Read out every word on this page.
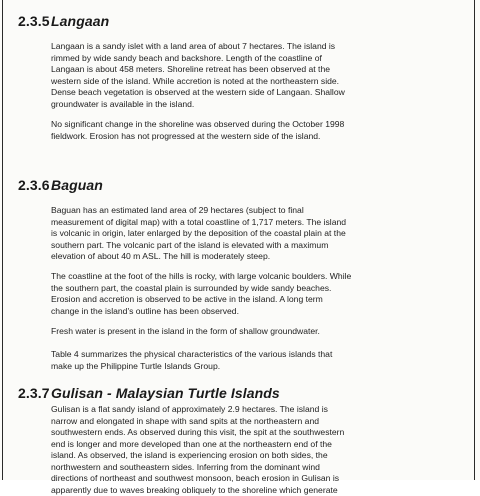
2.3.5Langaan

Langaan is a sandy islet with a land area of about 7 hectares. The island is
rimmed by wide sandy beach and backshore. Length of the coastline of
Langaan is about 458 meters. Shoreline retreat has been observed at the
western side of the island. While accretion is noted at the northeastern side.
Dense beach vegetation is observed at the western side of Langaan. Shallow
groundwater is available in the island.

No significant change in the shoreline was observed during the October 1998
fieldwork. Erosion has not progressed at the western side of the island.

2.3.6Baguan

Baguan has an estimated land area of 29 hectares (subject to final
measurement of digital map) with a total coastline of 1,717 meters. The island
is volcanic in origin, later enlarged by the deposition of the coastal plain at the
southern part. The volcanic part of the island is elevated with a maximum
elevation of about 40 m ASL. The hill is moderately steep.

The coastline at the foot of the hills is rocky, with large volcanic boulders. While
the southern part, the coastal plain is surrounded by wide sandy beaches.
Erosion and accretion is observed to be active in the island. A long term
change in the island's outline has been observed.

Fresh water is present in the island in the form of shallow groundwater.

Table 4 summarizes the physical characteristics of the various islands that
make up the Philippine Turtle Islands Group.

2.3.7Gulisan - Malaysian Turtle Islands

Gulisan is a flat sandy island of approximately 2.9 hectares. The island is
narrow and elongated in shape with sand spits at the northeastern and
southwestern ends. As observed during this visit, the spit at the southwestern
end is longer and more developed than one at the northeastern end of the
island. As observed, the island is experiencing erosion on both sides, the
northwestern and southeastern sides. Inferring from the dominant wind
directions of northeast and southwest monsoon, beach erosion in Gulisan is
apparently due to waves breaking obliquely to the shoreline which generate
